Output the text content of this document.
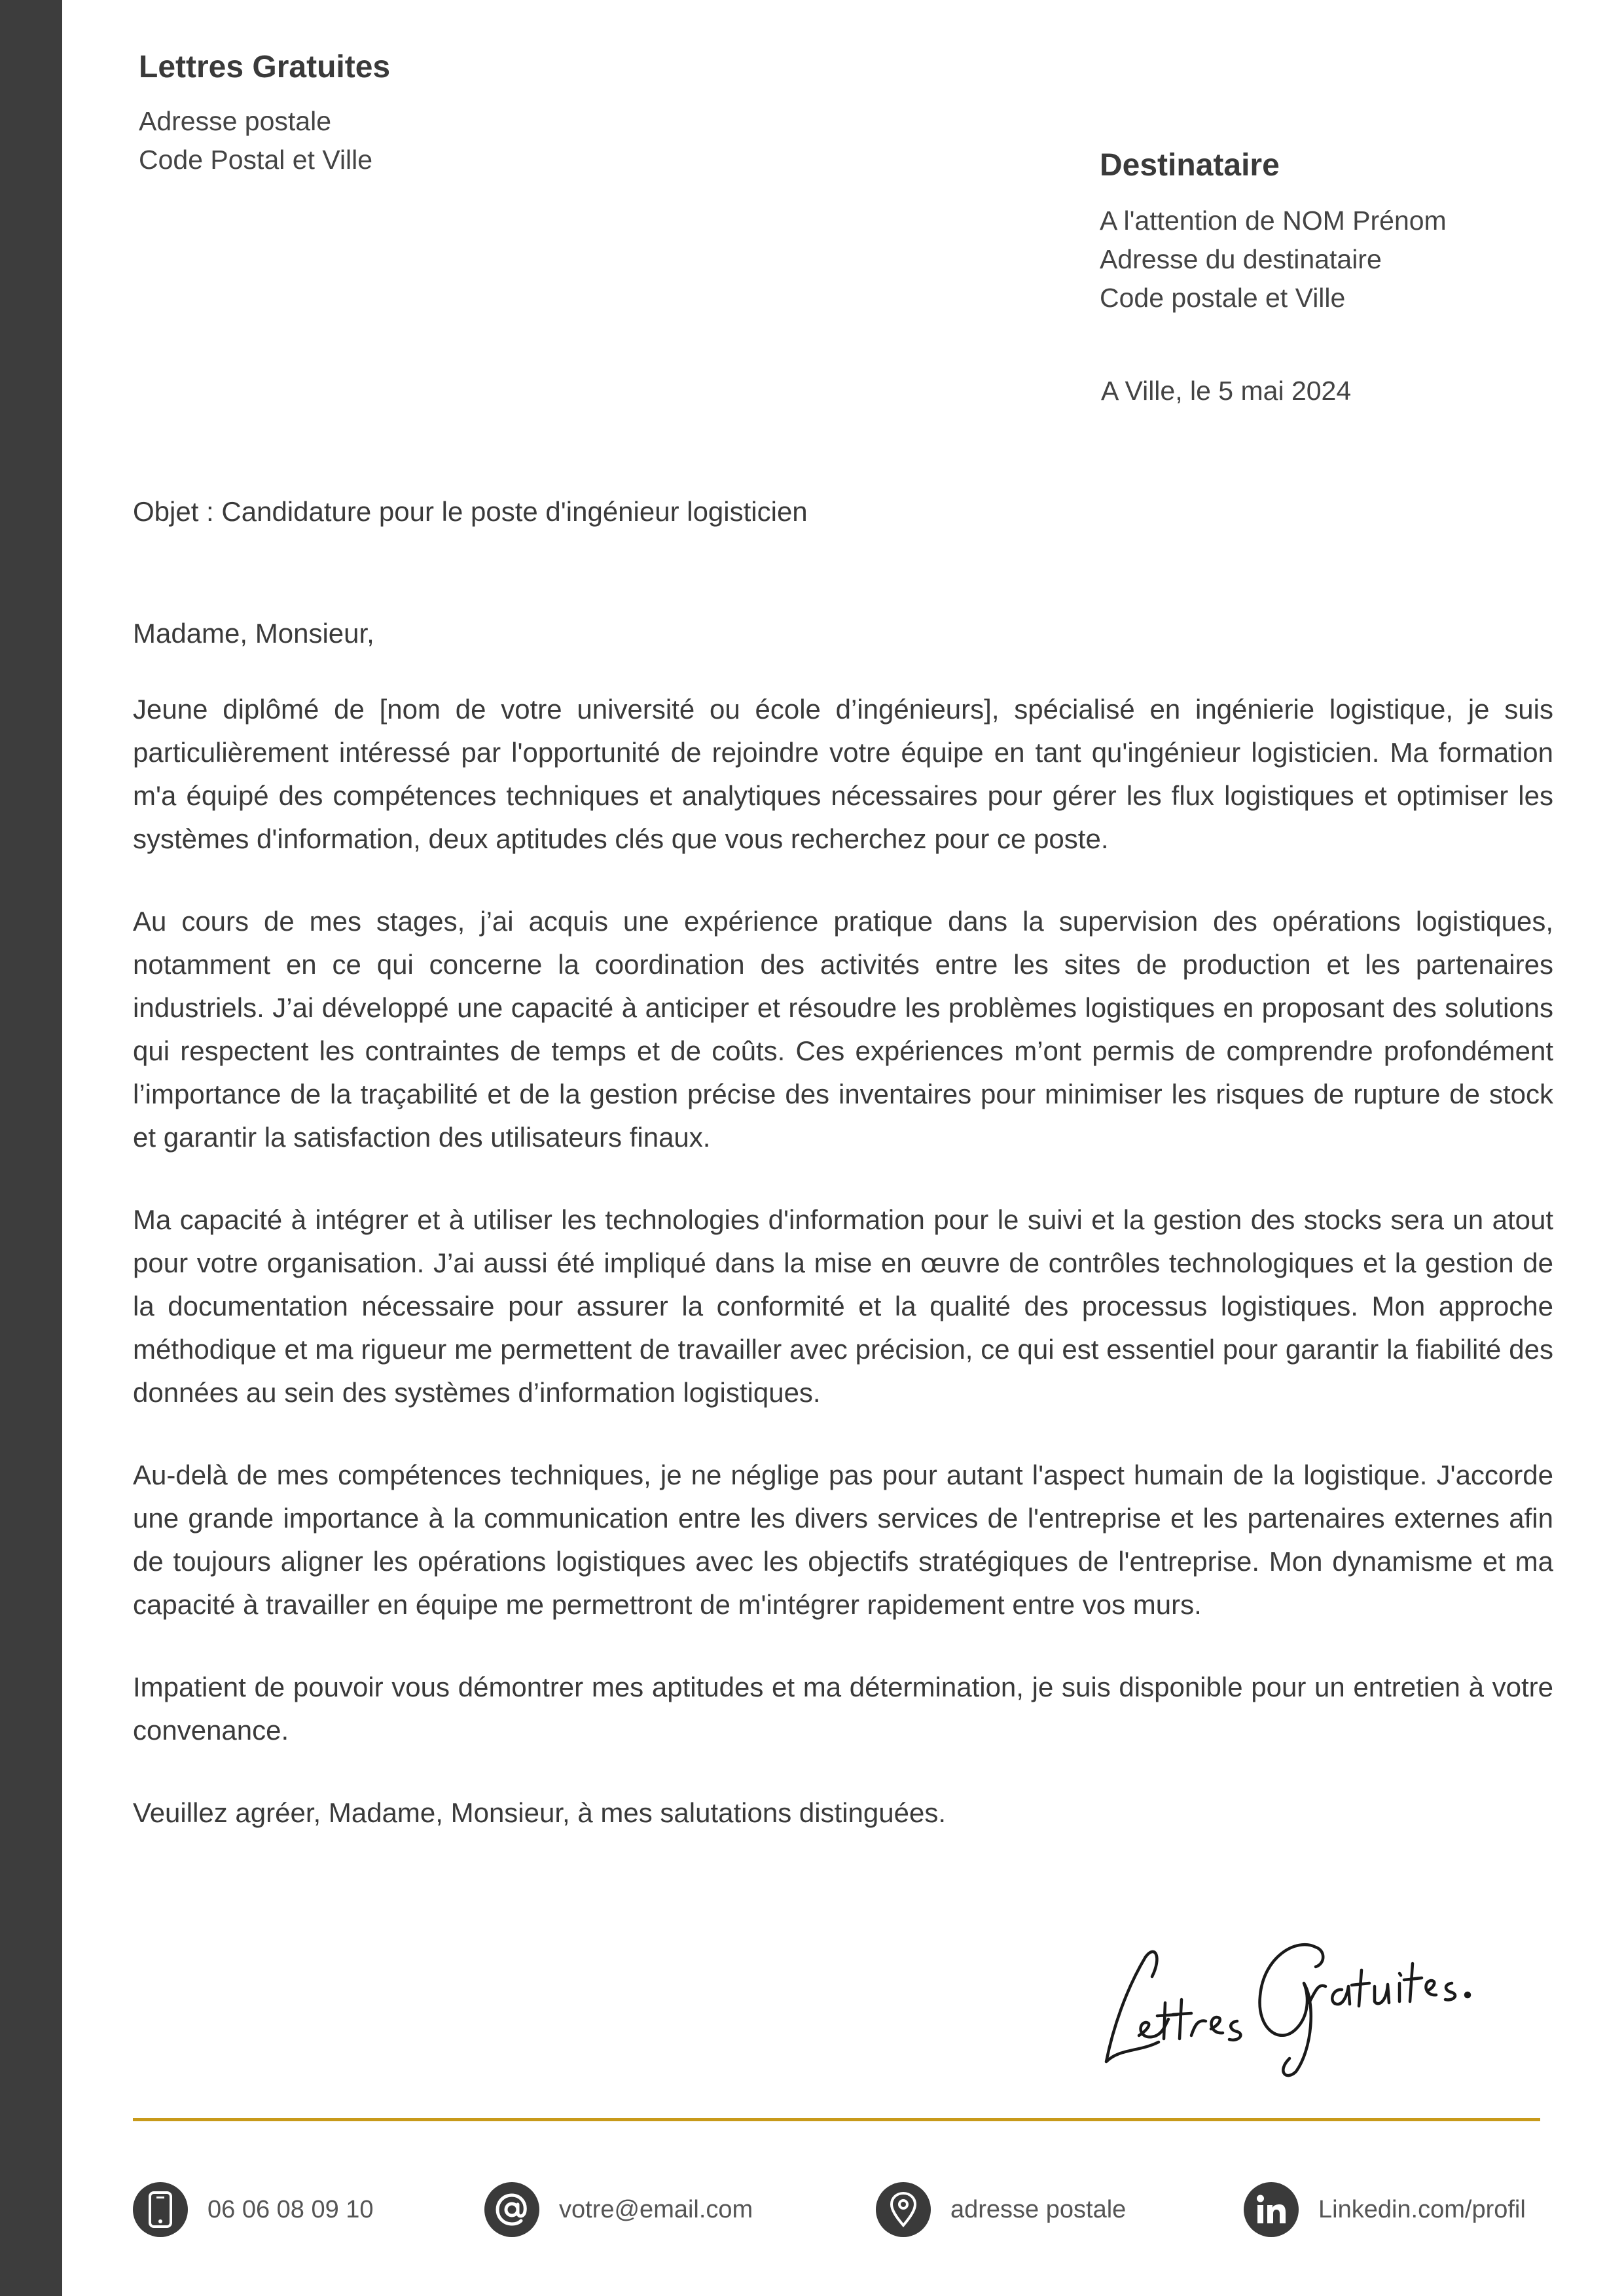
Lettres Gratuites
Adresse postale
Code Postal et Ville	Destinataire
A l'attention de NOM Prénom
Adresse du destinataire
Code postale et Ville
A Ville, le 5 mai 2024
Objet : Candidature pour le poste d'ingénieur logisticien

Madame, Monsieur,

Jeune diplômé de [nom de votre université ou école d’ingénieurs], spécialisé en ingénierie logistique, je suis particulièrement intéressé par l'opportunité de rejoindre votre équipe en tant qu'ingénieur logisticien. Ma formation m'a équipé des compétences techniques et analytiques nécessaires pour gérer les flux logistiques et optimiser les systèmes d'information, deux aptitudes clés que vous recherchez pour ce poste.

Au cours de mes stages, j’ai acquis une expérience pratique dans la supervision des opérations logistiques, notamment en ce qui concerne la coordination des activités entre les sites de production et les partenaires industriels. J’ai développé une capacité à anticiper et résoudre les problèmes logistiques en proposant des solutions qui respectent les contraintes de temps et de coûts. Ces expériences m’ont permis de comprendre profondément l’importance de la traçabilité et de la gestion précise des inventaires pour minimiser les risques de rupture de stock et garantir la satisfaction des utilisateurs finaux.

Ma capacité à intégrer et à utiliser les technologies d'information pour le suivi et la gestion des stocks sera un atout pour votre organisation. J’ai aussi été impliqué dans la mise en œuvre de contrôles technologiques et la gestion de la documentation nécessaire pour assurer la conformité et la qualité des processus logistiques. Mon approche méthodique et ma rigueur me permettent de travailler avec précision, ce qui est essentiel pour garantir la fiabilité des données au sein des systèmes d’information logistiques.

Au-delà de mes compétences techniques, je ne néglige pas pour autant l'aspect humain de la logistique. J'accorde une grande importance à la communication entre les divers services de l'entreprise et les partenaires externes afin de toujours aligner les opérations logistiques avec les objectifs stratégiques de l'entreprise. Mon dynamisme et ma capacité à travailler en équipe me permettront de m'intégrer rapidement entre vos murs.

Impatient de pouvoir vous démontrer mes aptitudes et ma détermination, je suis disponible pour un entretien à votre convenance.

Veuillez agréer, Madame, Monsieur, à mes salutations distinguées.

06 06 08 09 10	votre@email.com	adresse postale	Linkedin.com/profil
